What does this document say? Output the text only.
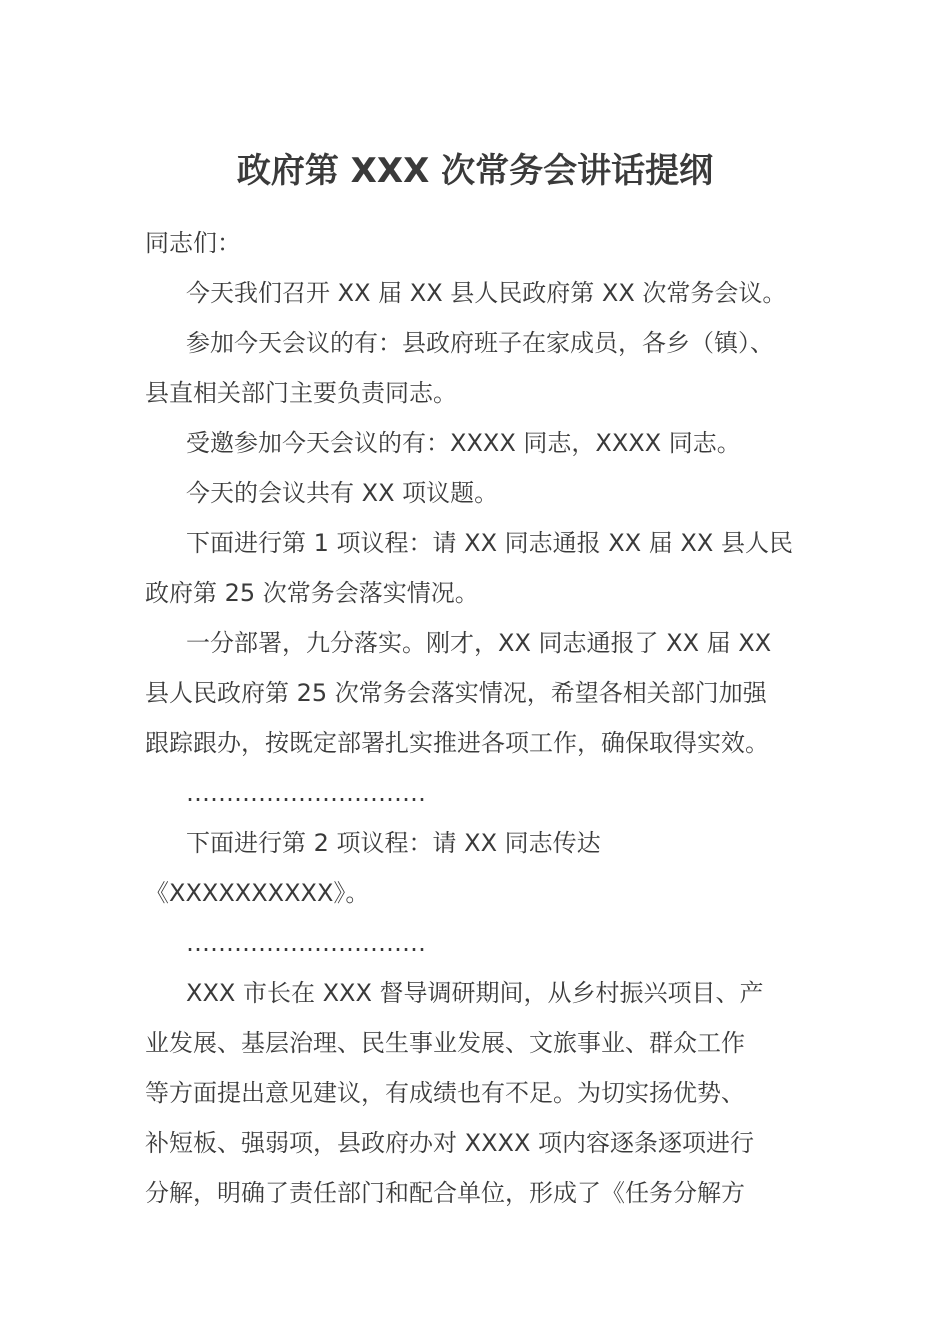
政府第 XXX 次常务会讲话提纲
同志们：
今天我们召开 XX 届 XX 县人民政府第 XX 次常务会议。
参加今天会议的有：县政府班子在家成员，各乡（镇）、
县直相关部门主要负责同志。
受邀参加今天会议的有：XXXX 同志，XXXX 同志。
今天的会议共有 XX 项议题。
下面进行第 1 项议程：请 XX 同志通报 XX 届 XX 县人民
政府第 25 次常务会落实情况。
一分部署，九分落实。刚才，XX 同志通报了 XX 届 XX
县人民政府第 25 次常务会落实情况，希望各相关部门加强
跟踪跟办，按既定部署扎实推进各项工作，确保取得实效。
…………………………
下面进行第 2 项议程：请 XX 同志传达
《XXXXXXXXXX》。
…………………………
XXX 市长在 XXX 督导调研期间，从乡村振兴项目、产
业发展、基层治理、民生事业发展、文旅事业、群众工作
等方面提出意见建议，有成绩也有不足。为切实扬优势、
补短板、强弱项，县政府办对 XXXX 项内容逐条逐项进行
分解，明确了责任部门和配合单位，形成了《任务分解方
